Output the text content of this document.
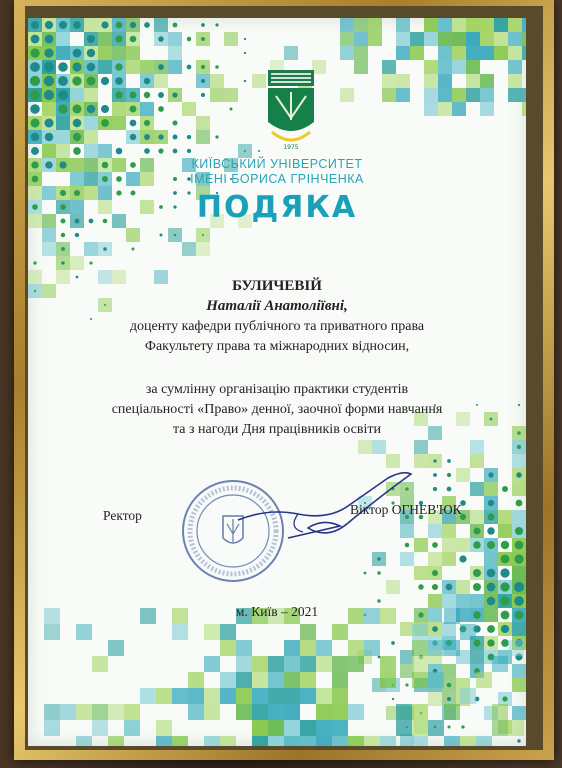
1975
КИЇВСЬКИЙ УНІВЕРСИТЕТ
ІМЕНІ БОРИСА ГРІНЧЕНКА
ПОДЯКА
БУЛИЧЕВІЙ
Наталії Анатоліївні,
доценту кафедри публічного та приватного права
Факультету права та міжнародних відносин,
за сумлінну організацію практики студентів
спеціальності «Право» денної, заочної форми навчання
та з нагоди Дня працівників освіти
Ректор	Віктор ОГНЕВ'ЮК
м. Київ – 2021
